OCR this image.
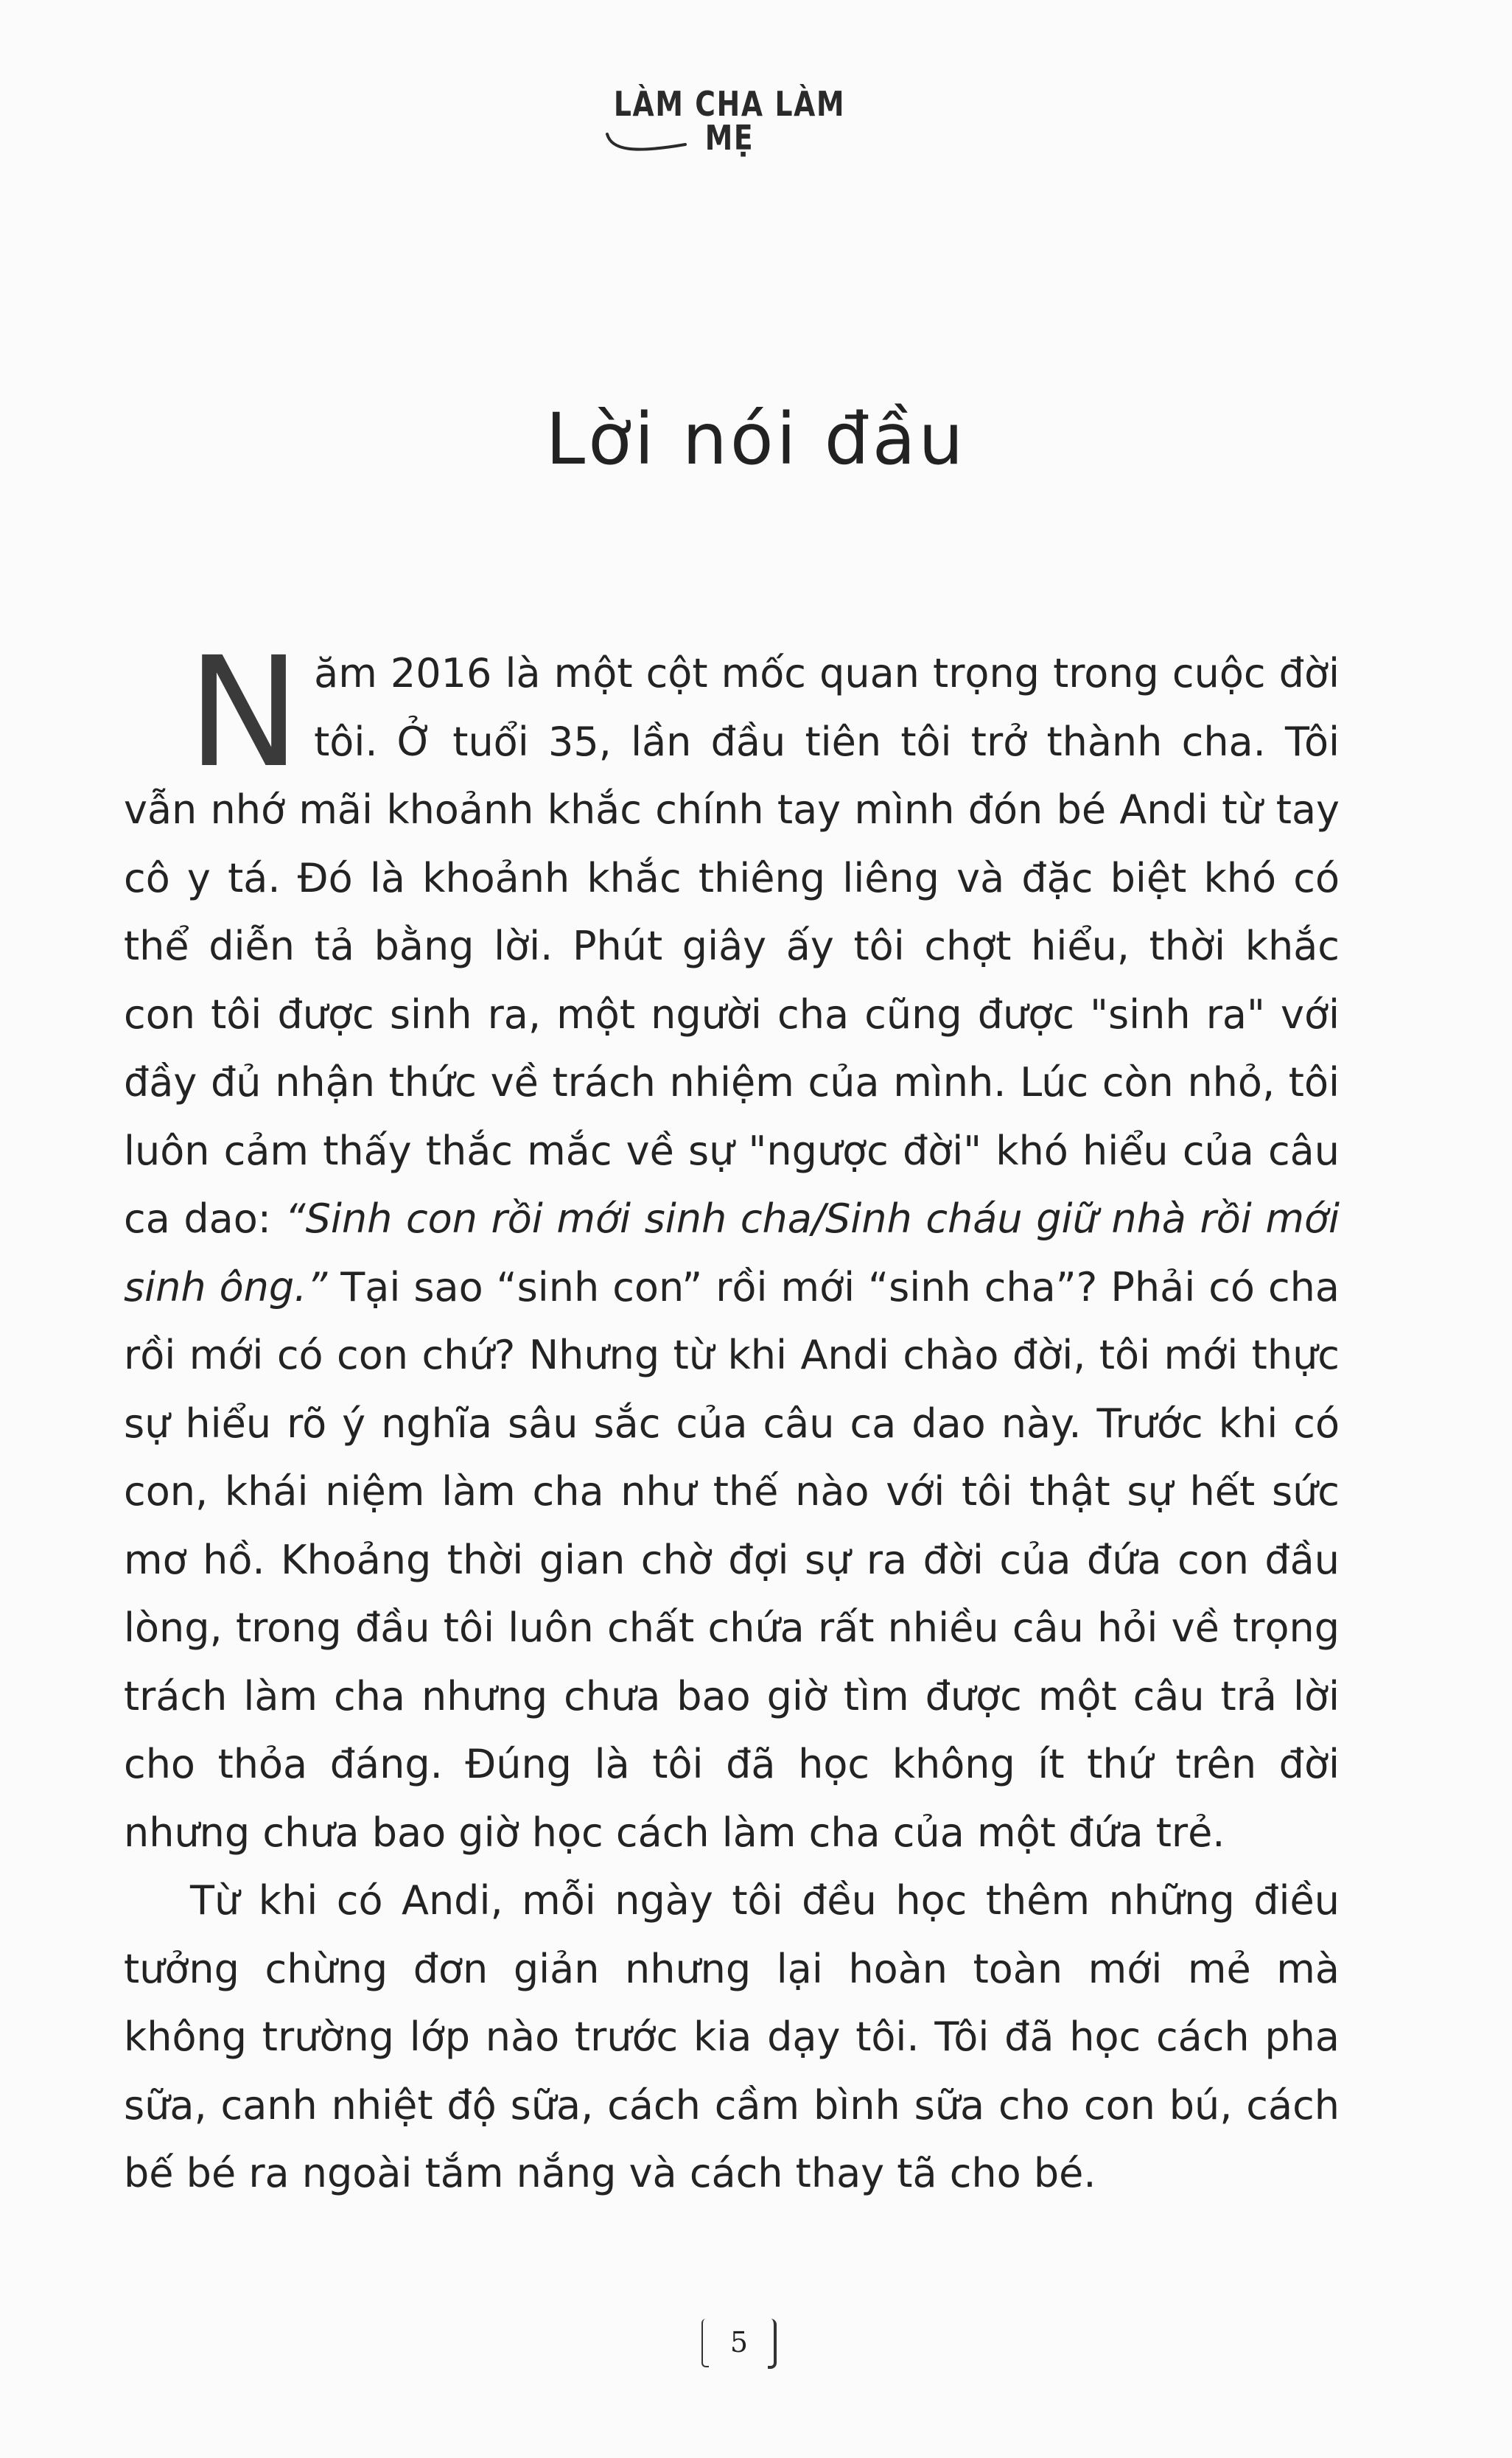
LÀM CHA LÀM MẸ
Lời nói đầu

Năm 2016 là một cột mốc quan trọng trong cuộc đời tôi. Ở tuổi 35, lần đầu tiên tôi trở thành cha. Tôi vẫn nhớ mãi khoảnh khắc chính tay mình đón bé Andi từ tay cô y tá. Đó là khoảnh khắc thiêng liêng và đặc biệt khó có thể diễn tả bằng lời. Phút giây ấy tôi chợt hiểu, thời khắc con tôi được sinh ra, một người cha cũng được "sinh ra" với đầy đủ nhận thức về trách nhiệm của mình. Lúc còn nhỏ, tôi luôn cảm thấy thắc mắc về sự "ngược đời" khó hiểu của câu ca dao: “Sinh con rồi mới sinh cha/Sinh cháu giữ nhà rồi mới sinh ông.” Tại sao “sinh con” rồi mới “sinh cha”? Phải có cha rồi mới có con chứ? Nhưng từ khi Andi chào đời, tôi mới thực sự hiểu rõ ý nghĩa sâu sắc của câu ca dao này. Trước khi có con, khái niệm làm cha như thế nào với tôi thật sự hết sức mơ hồ. Khoảng thời gian chờ đợi sự ra đời của đứa con đầu lòng, trong đầu tôi luôn chất chứa rất nhiều câu hỏi về trọng trách làm cha nhưng chưa bao giờ tìm được một câu trả lời cho thỏa đáng. Đúng là tôi đã học không ít thứ trên đời nhưng chưa bao giờ học cách làm cha của một đứa trẻ.

Từ khi có Andi, mỗi ngày tôi đều học thêm những điều tưởng chừng đơn giản nhưng lại hoàn toàn mới mẻ mà không trường lớp nào trước kia dạy tôi. Tôi đã học cách pha sữa, canh nhiệt độ sữa, cách cầm bình sữa cho con bú, cách bế bé ra ngoài tắm nắng và cách thay tã cho bé.

5
